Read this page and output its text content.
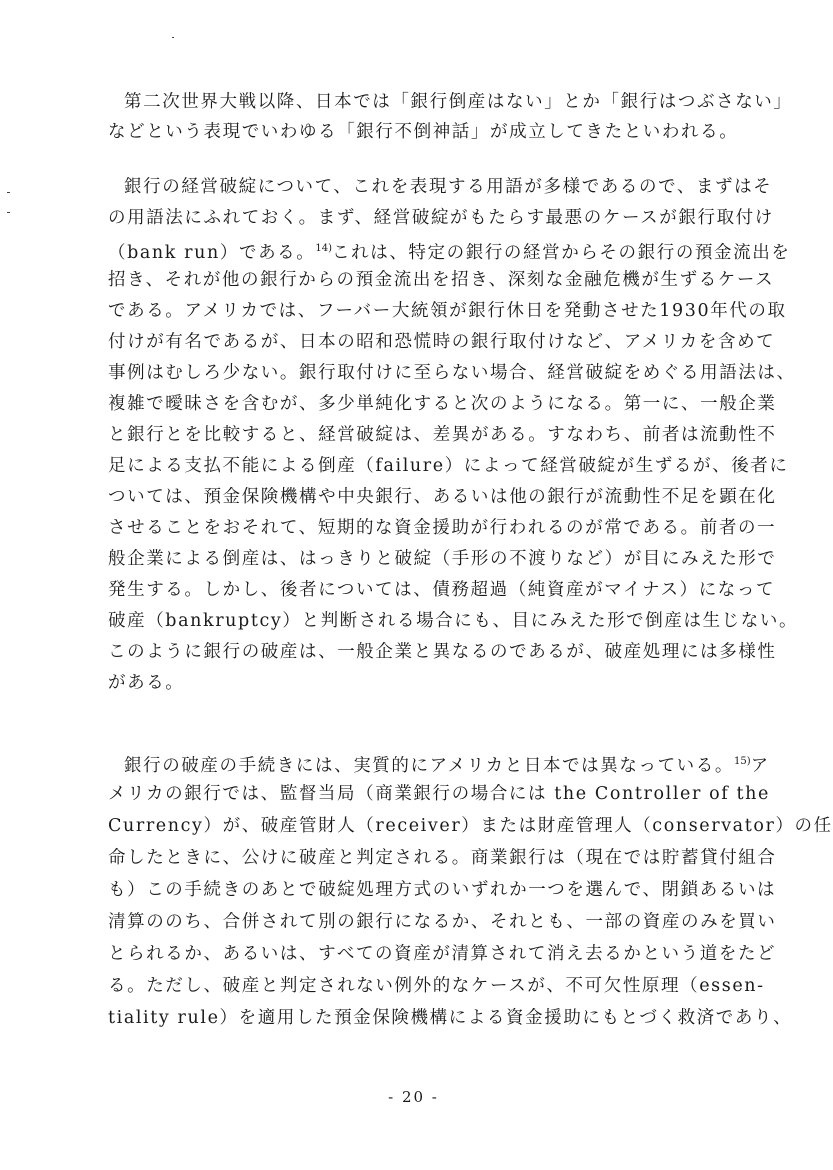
第二次世界大戦以降、日本では「銀行倒産はない」とか「銀行はつぶさない」
などという表現でいわゆる「銀行不倒神話」が成立してきたといわれる。
銀行の経営破綻について、これを表現する用語が多様であるので、まずはそ
の用語法にふれておく。まず、経営破綻がもたらす最悪のケースが銀行取付け
（bank run）である。$^{14)}$これは、特定の銀行の経営からその銀行の預金流出を
招き、それが他の銀行からの預金流出を招き、深刻な金融危機が生ずるケース
である。アメリカでは、フーバー大統領が銀行休日を発動させた1930年代の取
付けが有名であるが、日本の昭和恐慌時の銀行取付けなど、アメリカを含めて
事例はむしろ少ない。銀行取付けに至らない場合、経営破綻をめぐる用語法は、
複雑で曖昧さを含むが、多少単純化すると次のようになる。第一に、一般企業
と銀行とを比較すると、経営破綻は、差異がある。すなわち、前者は流動性不
足による支払不能による倒産（failure）によって経営破綻が生ずるが、後者に
ついては、預金保険機構や中央銀行、あるいは他の銀行が流動性不足を顕在化
させることをおそれて、短期的な資金援助が行われるのが常である。前者の一
般企業による倒産は、はっきりと破綻（手形の不渡りなど）が目にみえた形で
発生する。しかし、後者については、債務超過（純資産がマイナス）になって
破産（bankruptcy）と判断される場合にも、目にみえた形で倒産は生じない。
このように銀行の破産は、一般企業と異なるのであるが、破産処理には多様性
がある。
銀行の破産の手続きには、実質的にアメリカと日本では異なっている。$^{15)}$ア
メリカの銀行では、監督当局（商業銀行の場合には the Controller of the
Currency）が、破産管財人（receiver）または財産管理人（conservator）の任
命したときに、公けに破産と判定される。商業銀行は（現在では貯蓄貸付組合
も）この手続きのあとで破綻処理方式のいずれか一つを選んで、閉鎖あるいは
清算ののち、合併されて別の銀行になるか、それとも、一部の資産のみを買い
とられるか、あるいは、すべての資産が清算されて消え去るかという道をたど
る。ただし、破産と判定されない例外的なケースが、不可欠性原理（essen-
tiality rule）を適用した預金保険機構による資金援助にもとづく救済であり、
- 20 -
